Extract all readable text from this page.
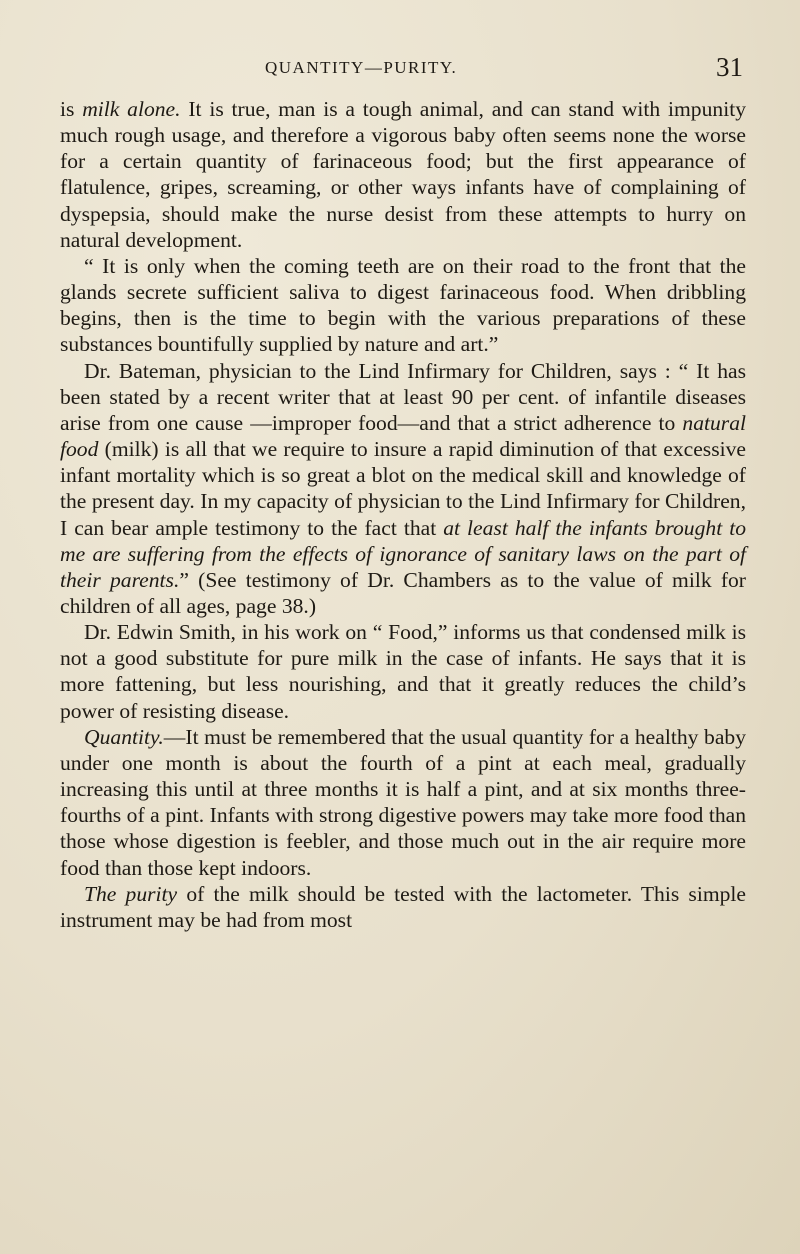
QUANTITY—PURITY.	31

is milk alone. It is true, man is a tough animal, and can stand with impunity much rough usage, and therefore a vigorous baby often seems none the worse for a certain quantity of farinaceous food; but the first appearance of flatulence, gripes, screaming, or other ways infants have of complaining of dyspepsia, should make the nurse desist from these attempts to hurry on natural development.

“ It is only when the coming teeth are on their road to the front that the glands secrete sufficient saliva to digest farinaceous food. When dribbling begins, then is the time to begin with the various preparations of these substances bountifully supplied by nature and art.”

Dr. Bateman, physician to the Lind Infirmary for Children, says : “ It has been stated by a recent writer that at least 90 per cent. of infantile diseases arise from one cause —improper food—and that a strict adherence to natural food (milk) is all that we require to insure a rapid diminution of that excessive infant mortality which is so great a blot on the medical skill and knowledge of the present day. In my capacity of physician to the Lind Infirmary for Children, I can bear ample testimony to the fact that at least half the infants brought to me are suffering from the effects of ignorance of sanitary laws on the part of their parents.” (See testimony of Dr. Chambers as to the value of milk for children of all ages, page 38.)

Dr. Edwin Smith, in his work on “ Food,” informs us that condensed milk is not a good substitute for pure milk in the case of infants. He says that it is more fattening, but less nourishing, and that it greatly reduces the child’s power of resisting disease.

Quantity.—It must be remembered that the usual quantity for a healthy baby under one month is about the fourth of a pint at each meal, gradually increasing this until at three months it is half a pint, and at six months three-fourths of a pint. Infants with strong digestive powers may take more food than those whose digestion is feebler, and those much out in the air require more food than those kept indoors.

The purity of the milk should be tested with the lactometer. This simple instrument may be had from most
